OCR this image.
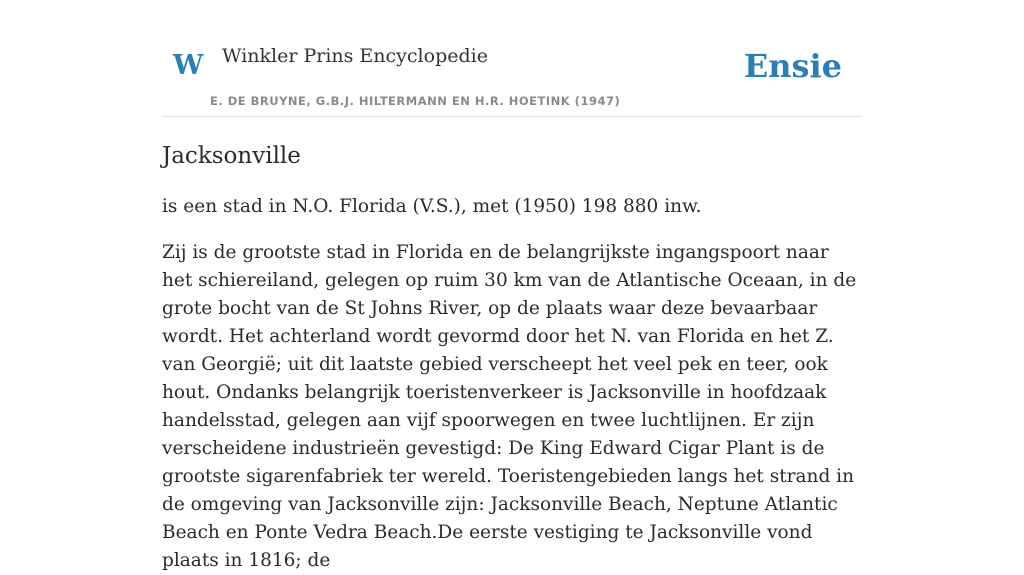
W Winkler Prins Encyclopedie
E. DE BRUYNE, G.B.J. HILTERMANN EN H.R. HOETINK (1947)
Ensie
Jacksonville

is een stad in N.O. Florida (V.S.), met (1950) 198 880 inw.

Zij is de grootste stad in Florida en de belangrijkste ingangspoort naar het schiereiland, gelegen op ruim 30 km van de Atlantische Oceaan, in de grote bocht van de St Johns River, op de plaats waar deze bevaarbaar wordt. Het achterland wordt gevormd door het N. van Florida en het Z. van Georgië; uit dit laatste gebied verscheept het veel pek en teer, ook hout. Ondanks belangrijk toeristenverkeer is Jacksonville in hoofdzaak handelsstad, gelegen aan vijf spoorwegen en twee luchtlijnen. Er zijn verscheidene industrieën gevestigd: De King Edward Cigar Plant is de grootste sigarenfabriek ter wereld. Toeristengebieden langs het strand in de omgeving van Jacksonville zijn: Jacksonville Beach, Neptune Atlantic Beach en Ponte Vedra Beach.De eerste vestiging te Jacksonville vond plaats in 1816; de
